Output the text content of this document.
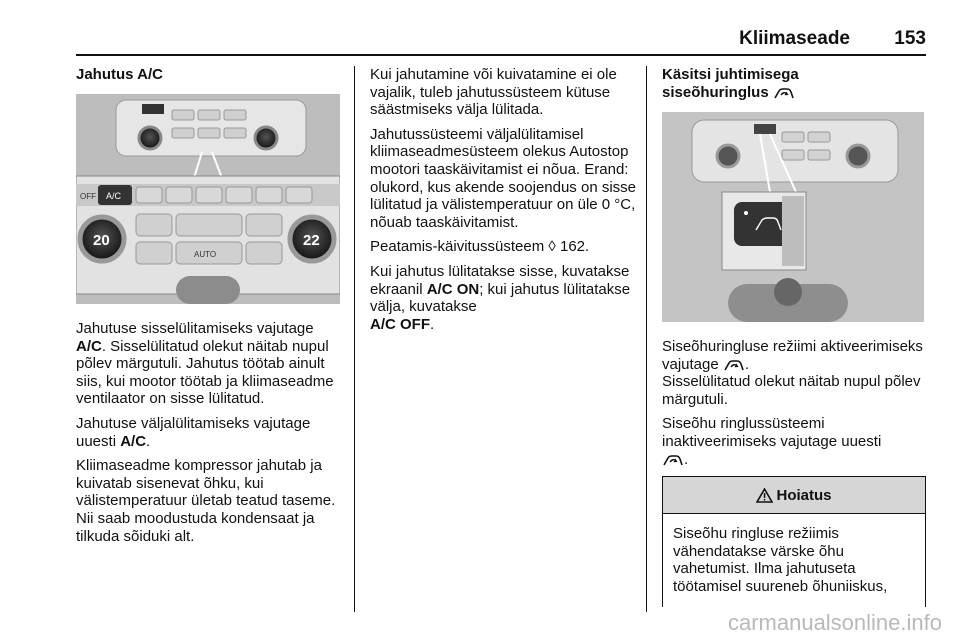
Kliimaseade	153
Jahutus A/C
OFF A/C
20	22
AUTO

Jahutuse sisselülitamiseks vajutage
A/C. Sisselülitatud olekut näitab nupul põlev märgutuli. Jahutus töötab ainult siis, kui mootor töötab ja kliimaseadme ventilaator on sisse lülitatud.

Jahutuse väljalülitamiseks vajutage uuesti A/C.

Kliimaseadme kompressor jahutab ja kuivatab sisenevat õhku, kui välistemperatuur ületab teatud taseme. Nii saab moodustuda kondensaat ja tilkuda sõiduki alt.

Kui jahutamine või kuivatamine ei ole vajalik, tuleb jahutussüsteem kütuse säästmiseks välja lülitada.

Jahutussüsteemi väljalülitamisel kliimaseadmesüsteem olekus Autostop mootori taaskäivitamist ei nõua. Erand: olukord, kus akende soojendus on sisse lülitatud ja välistemperatuur on üle 0 °C, nõuab taaskäivitamist.

Peatamis-käivitussüsteem ◊ 162.

Kui jahutus lülitatakse sisse, kuvatakse ekraanil A/C ON; kui jahutus lülitatakse välja, kuvatakse
A/C OFF.

Käsitsi juhtimisega
siseõhuringlus

Siseõhuringluse režiimi aktiveerimiseks vajutage .
Sisselülitatud olekut näitab nupul põlev märgutuli.

Siseõhu ringlussüsteemi inaktiveerimiseks vajutage uuesti
.

Hoiatus
Siseõhu ringluse režiimis vähendatakse värske õhu vahetumist. Ilma jahutuseta töötamisel suureneb õhuniiskus,
carmanualsonline.info
